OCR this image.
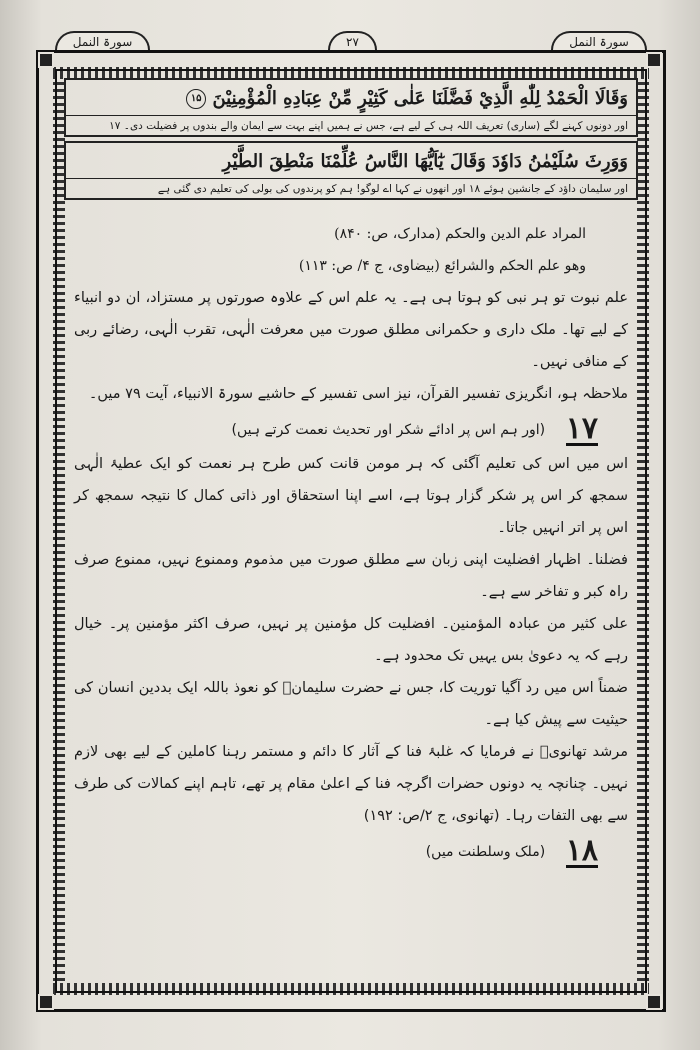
سورۃ النمل	۲۷	سورۃ النمل
وَقَالَا الْحَمْدُ لِلّٰهِ الَّذِيْ فَضَّلَنَا عَلٰى كَثِيْرٍ مِّنْ عِبَادِهِ الْمُؤْمِنِيْنَ ۱۵
اور دونوں کہنے لگے (ساری) تعریف اللہ ہی کے لیے ہے، جس نے ہمیں اپنے بہت سے ایمان والے بندوں پر فضیلت دی۔ ۱۷
وَوَرِثَ سُلَيْمٰنُ دَاوٗدَ وَقَالَ يٰٓاَيُّهَا النَّاسُ عُلِّمْنَا مَنْطِقَ الطَّيْرِ
اور سلیمان داؤد کے جانشین ہوئے ۱۸ اور انھوں نے کہا اے لوگو! ہم کو پرندوں کی بولی کی تعلیم دی گئی ہے

المراد علم الدین والحکم (مدارک، ص: ۸۴۰)

وھو علم الحکم والشرائع (بیضاوی، ج ۴/ ص: ۱۱۳)

علم نبوت تو ہر نبی کو ہوتا ہی ہے۔ یہ علم اس کے علاوہ صورتوں پر مستزاد، ان دو انبیاء کے لیے تھا۔ ملک داری و حکمرانی مطلق صورت میں معرفت الٰہی، تقرب الٰہی، رضائے ربی کے منافی نہیں۔

ملاحظہ ہو، انگریزی تفسیر القرآن، نیز اسی تفسیر کے حاشیے سورۃ الانبیاء، آیت ۷۹ میں۔

۱۷ (اور ہم اس پر ادائے شکر اور تحدیث نعمت کرتے ہیں)

اس میں اس کی تعلیم آگئی کہ ہر مومن قانت کس طرح ہر نعمت کو ایک عطیۂ الٰہی سمجھ کر اس پر شکر گزار ہوتا ہے، اسے اپنا استحقاق اور ذاتی کمال کا نتیجہ سمجھ کر اس پر اتر انہیں جاتا۔

فضلنا۔ اظہار افضلیت اپنی زبان سے مطلق صورت میں مذموم وممنوع نہیں، ممنوع صرف راہ کبر و تفاخر سے ہے۔

علی کثیر من عبادہ المؤمنین۔ افضلیت کل مؤمنین پر نہیں، صرف اکثر مؤمنین پر۔ خیال رہے کہ یہ دعویٰ بس یہیں تک محدود ہے۔

ضمناً اس میں رد آگیا توریت کا، جس نے حضرت سلیمانؑ کو نعوذ باللہ ایک بددین انسان کی حیثیت سے پیش کیا ہے۔

مرشد تھانویؒ نے فرمایا کہ غلبۂ فنا کے آثار کا دائم و مستمر رہنا کاملین کے لیے بھی لازم نہیں۔ چنانچہ یہ دونوں حضرات اگرچہ فنا کے اعلیٰ مقام پر تھے، تاہم اپنے کمالات کی طرف سے بھی التفات رہا۔ (تھانوی، ج ۲/ص: ۱۹۲)

۱۸ (ملک وسلطنت میں)
